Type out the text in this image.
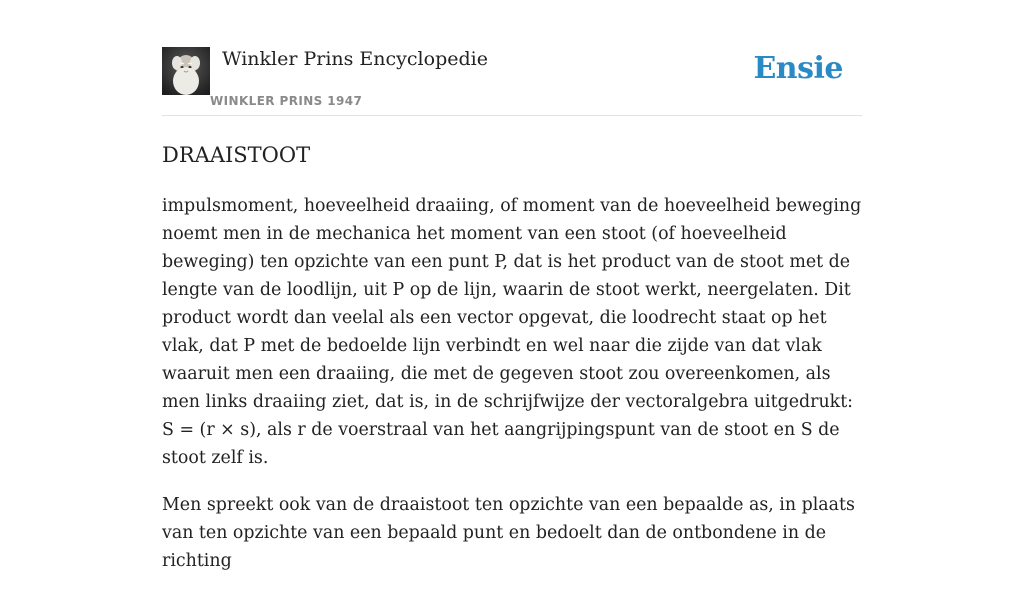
Winkler Prins Encyclopedie
WINKLER PRINS 1947
Ensie
DRAAISTOOT

impulsmoment, hoeveelheid draaiing, of moment van de hoeveelheid beweging noemt men in de mechanica het moment van een stoot (of hoeveelheid beweging) ten opzichte van een punt P, dat is het product van de stoot met de lengte van de loodlijn, uit P op de lijn, waarin de stoot werkt, neergelaten. Dit product wordt dan veelal als een vector opgevat, die loodrecht staat op het vlak, dat P met de bedoelde lijn verbindt en wel naar die zijde van dat vlak waaruit men een draaiing, die met de gegeven stoot zou overeenkomen, als men links draaiing ziet, dat is, in de schrijfwijze der vectoralgebra uitgedrukt: S = (r × s), als r de voerstraal van het aangrijpingspunt van de stoot en S de stoot zelf is.

Men spreekt ook van de draaistoot ten opzichte van een bepaalde as, in plaats van ten opzichte van een bepaald punt en bedoelt dan de ontbondene in de richting
